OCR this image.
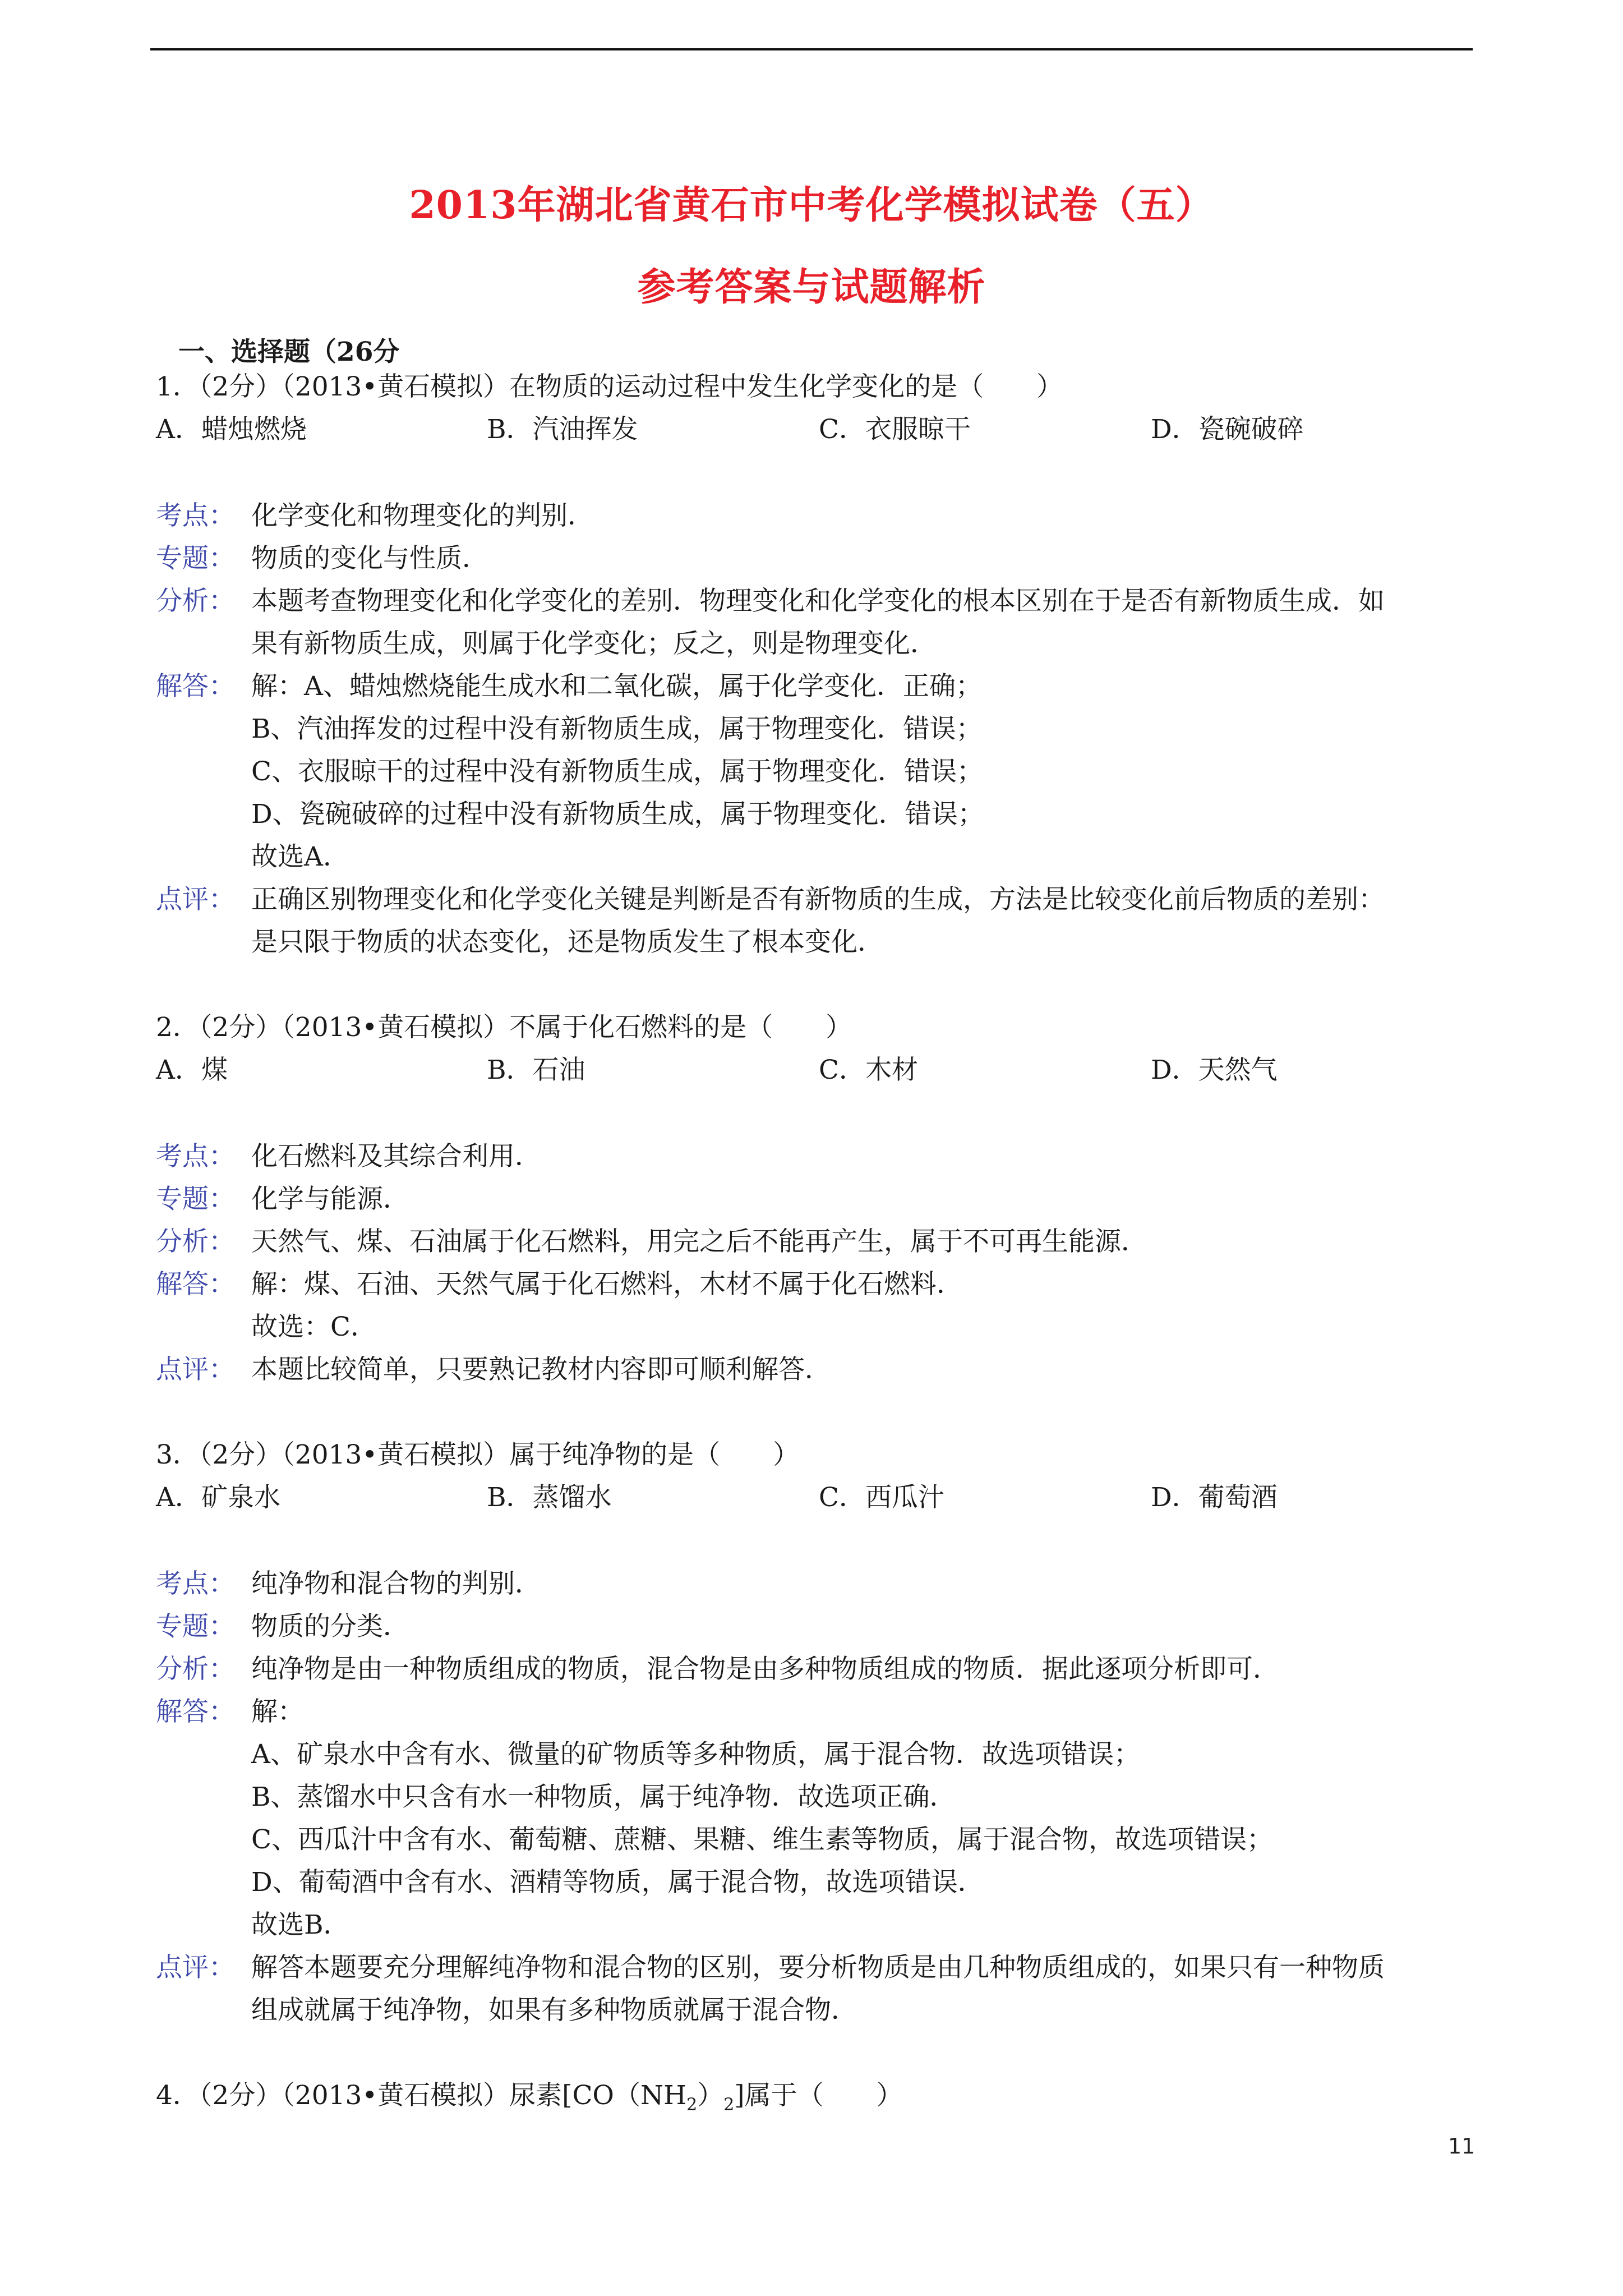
2013年湖北省黄石市中考化学模拟试卷（五）
参考答案与试题解析
一、选择题（26分
1．（2分）（2013•黄石模拟）在物质的运动过程中发生化学变化的是（　　）
A．蜡烛燃烧	B．汽油挥发	C．衣服晾干	D．瓷碗破碎
考点： 化学变化和物理变化的判别．
专题： 物质的变化与性质．
分析： 本题考查物理变化和化学变化的差别．物理变化和化学变化的根本区别在于是否有新物质生成．如
果有新物质生成，则属于化学变化；反之，则是物理变化．
解答： 解：A、蜡烛燃烧能生成水和二氧化碳，属于化学变化．正确；
B、汽油挥发的过程中没有新物质生成，属于物理变化．错误；
C、衣服晾干的过程中没有新物质生成，属于物理变化．错误；
D、瓷碗破碎的过程中没有新物质生成，属于物理变化．错误；
故选A．
点评： 正确区别物理变化和化学变化关键是判断是否有新物质的生成，方法是比较变化前后物质的差别：
是只限于物质的状态变化，还是物质发生了根本变化．
2．（2分）（2013•黄石模拟）不属于化石燃料的是（　　）
A．煤	B．石油	C．木材	D．天然气
考点： 化石燃料及其综合利用．
专题： 化学与能源．
分析： 天然气、煤、石油属于化石燃料，用完之后不能再产生，属于不可再生能源．
解答： 解：煤、石油、天然气属于化石燃料，木材不属于化石燃料．
故选：C．
点评： 本题比较简单，只要熟记教材内容即可顺利解答．
3．（2分）（2013•黄石模拟）属于纯净物的是（　　）
A．矿泉水	B．蒸馏水	C．西瓜汁	D．葡萄酒
考点： 纯净物和混合物的判别．
专题： 物质的分类．
分析： 纯净物是由一种物质组成的物质，混合物是由多种物质组成的物质．据此逐项分析即可．
解答： 解：
A、矿泉水中含有水、微量的矿物质等多种物质，属于混合物．故选项错误；
B、蒸馏水中只含有水一种物质，属于纯净物．故选项正确．
C、西瓜汁中含有水、葡萄糖、蔗糖、果糖、维生素等物质，属于混合物，故选项错误；
D、葡萄酒中含有水、酒精等物质，属于混合物，故选项错误．
故选B．
点评： 解答本题要充分理解纯净物和混合物的区别，要分析物质是由几种物质组成的，如果只有一种物质
组成就属于纯净物，如果有多种物质就属于混合物．
4．（2分）（2013•黄石模拟）尿素$[CO(NH_2)_2]$属于（　　）
11
